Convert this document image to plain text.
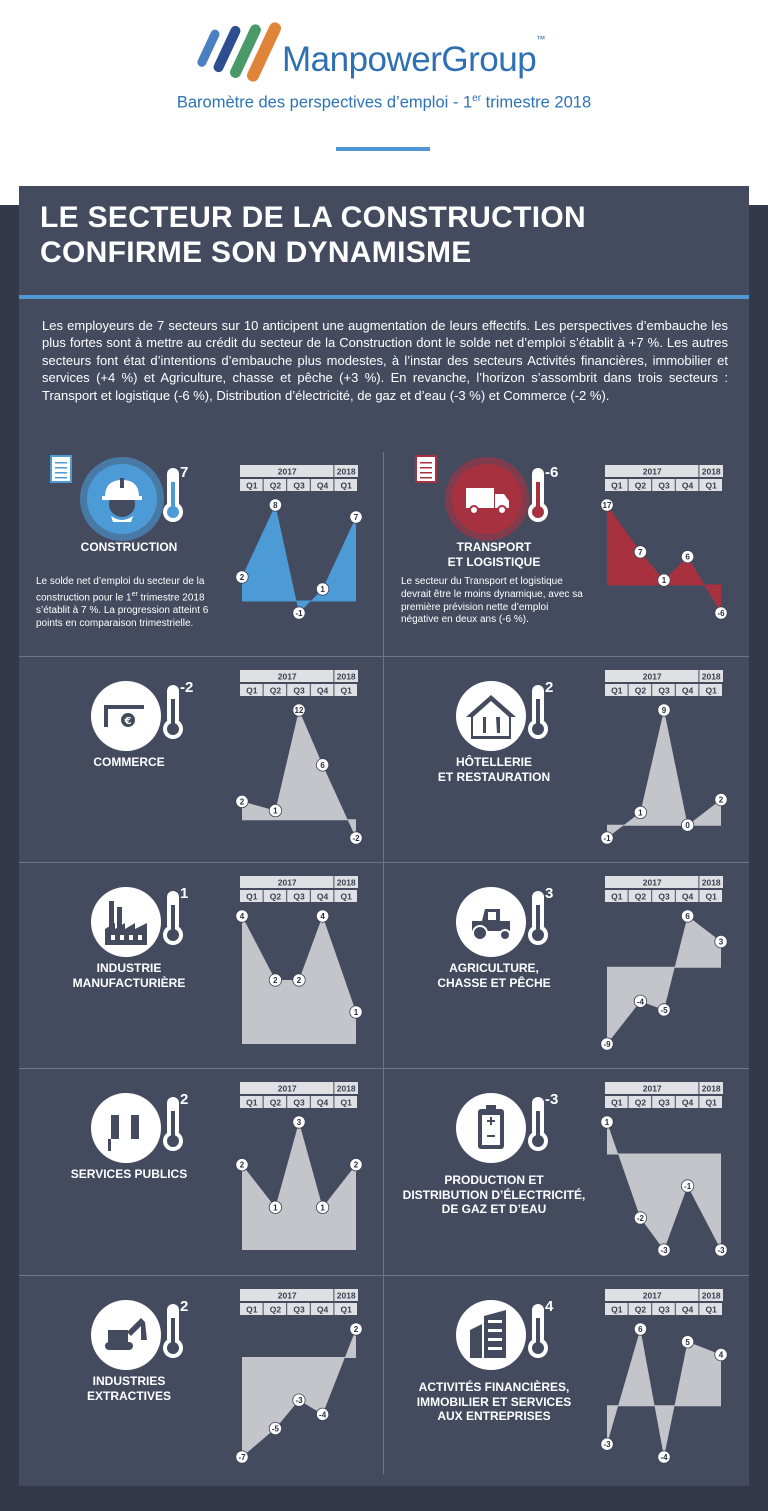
ManpowerGroup™
Baromètre des perspectives d’emploi - 1er trimestre 2018
LE SECTEUR DE LA CONSTRUCTION CONFIRME SON DYNAMISME
Les employeurs de 7 secteurs sur 10 anticipent une augmentation de leurs effectifs. Les perspectives d’embauche les plus fortes sont à mettre au crédit du secteur de la Construction dont le solde net d’emploi s’établit à +7 %. Les autres secteurs font état d’intentions d’embauche plus modestes, à l’instar des secteurs Activités financières, immobilier et services (+4 %) et Agriculture, chasse et pêche (+3 %). En revanche, l’horizon s’assombrit dans trois secteurs : Transport et logistique (-6 %), Distribution d’électricité, de gaz et d’eau (-3 %) et Commerce (-2 %).
7
CONSTRUCTION
Le solde net d’emploi du secteur de la construction pour le 1er trimestre 2018 s’établit à 7 %. La progression atteint 6 points en comparaison trimestrielle.
2017	2018
Q1 Q2 Q3 Q4 Q1
2
8
-1
1
7
-6
TRANSPORT
ET LOGISTIQUE
Le secteur du Transport et logistique devrait être le moins dynamique, avec sa première prévision nette d’emploi négative en deux ans (-6 %).
2017	2018
Q1 Q2 Q3 Q4 Q1
17
7
1
6
-6
€
-2
COMMERCE
2017	2018
Q1 Q2 Q3 Q4 Q1
2
1
12
6
-2
2
HÔTELLERIE
ET RESTAURATION
2017	2018
Q1 Q2 Q3 Q4 Q1
-1
1
9
0
2
1
INDUSTRIE
MANUFACTURIÈRE
2017	2018
Q1 Q2 Q3 Q4 Q1
4
2 2
4
1
3
AGRICULTURE,
CHASSE ET PÊCHE
2017	2018
Q1 Q2 Q3 Q4 Q1
-9
-4
-5
6
3
2
SERVICES PUBLICS
2017	2018
Q1 Q2 Q3 Q4 Q1
2
1
3
1
2
-3
PRODUCTION ET
DISTRIBUTION D’ÉLECTRICITÉ,
DE GAZ ET D’EAU
2017	2018
Q1 Q2 Q3 Q4 Q1
1
-2
-3
-1
-3
2
INDUSTRIES
EXTRACTIVES
2017	2018
Q1 Q2 Q3 Q4 Q1
-7
-5
-3
-4
2
4
ACTIVITÉS FINANCIÈRES,
IMMOBILIER ET SERVICES
AUX ENTREPRISES
2017	2018
Q1 Q2 Q3 Q4 Q1
-3
6
-4
5
4
